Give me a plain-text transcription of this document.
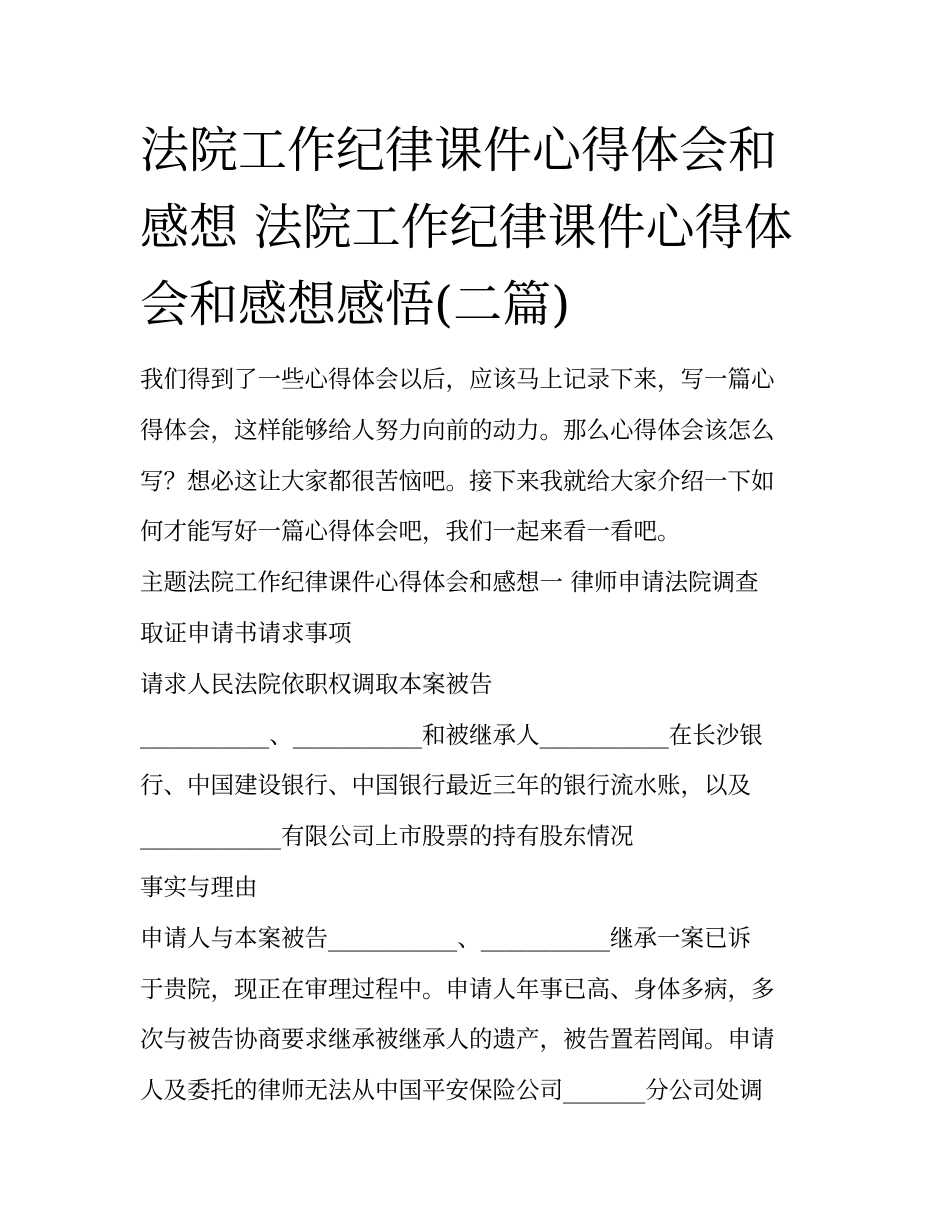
法院工作纪律课件心得体会和
感想 法院工作纪律课件心得体
会和感想感悟(二篇)
我们得到了一些心得体会以后，应该马上记录下来，写一篇心
得体会，这样能够给人努力向前的动力。那么心得体会该怎么
写？想必这让大家都很苦恼吧。接下来我就给大家介绍一下如
何才能写好一篇心得体会吧，我们一起来看一看吧。
主题法院工作纪律课件心得体会和感想一 律师申请法院调查
取证申请书请求事项
请求人民法院依职权调取本案被告
___________、___________和被继承人___________在长沙银
行、中国建设银行、中国银行最近三年的银行流水账，以及
____________有限公司上市股票的持有股东情况
事实与理由
申请人与本案被告___________、___________继承一案已诉
于贵院，现正在审理过程中。申请人年事已高、身体多病，多
次与被告协商要求继承被继承人的遗产，被告置若罔闻。申请
人及委托的律师无法从中国平安保险公司_______分公司处调
